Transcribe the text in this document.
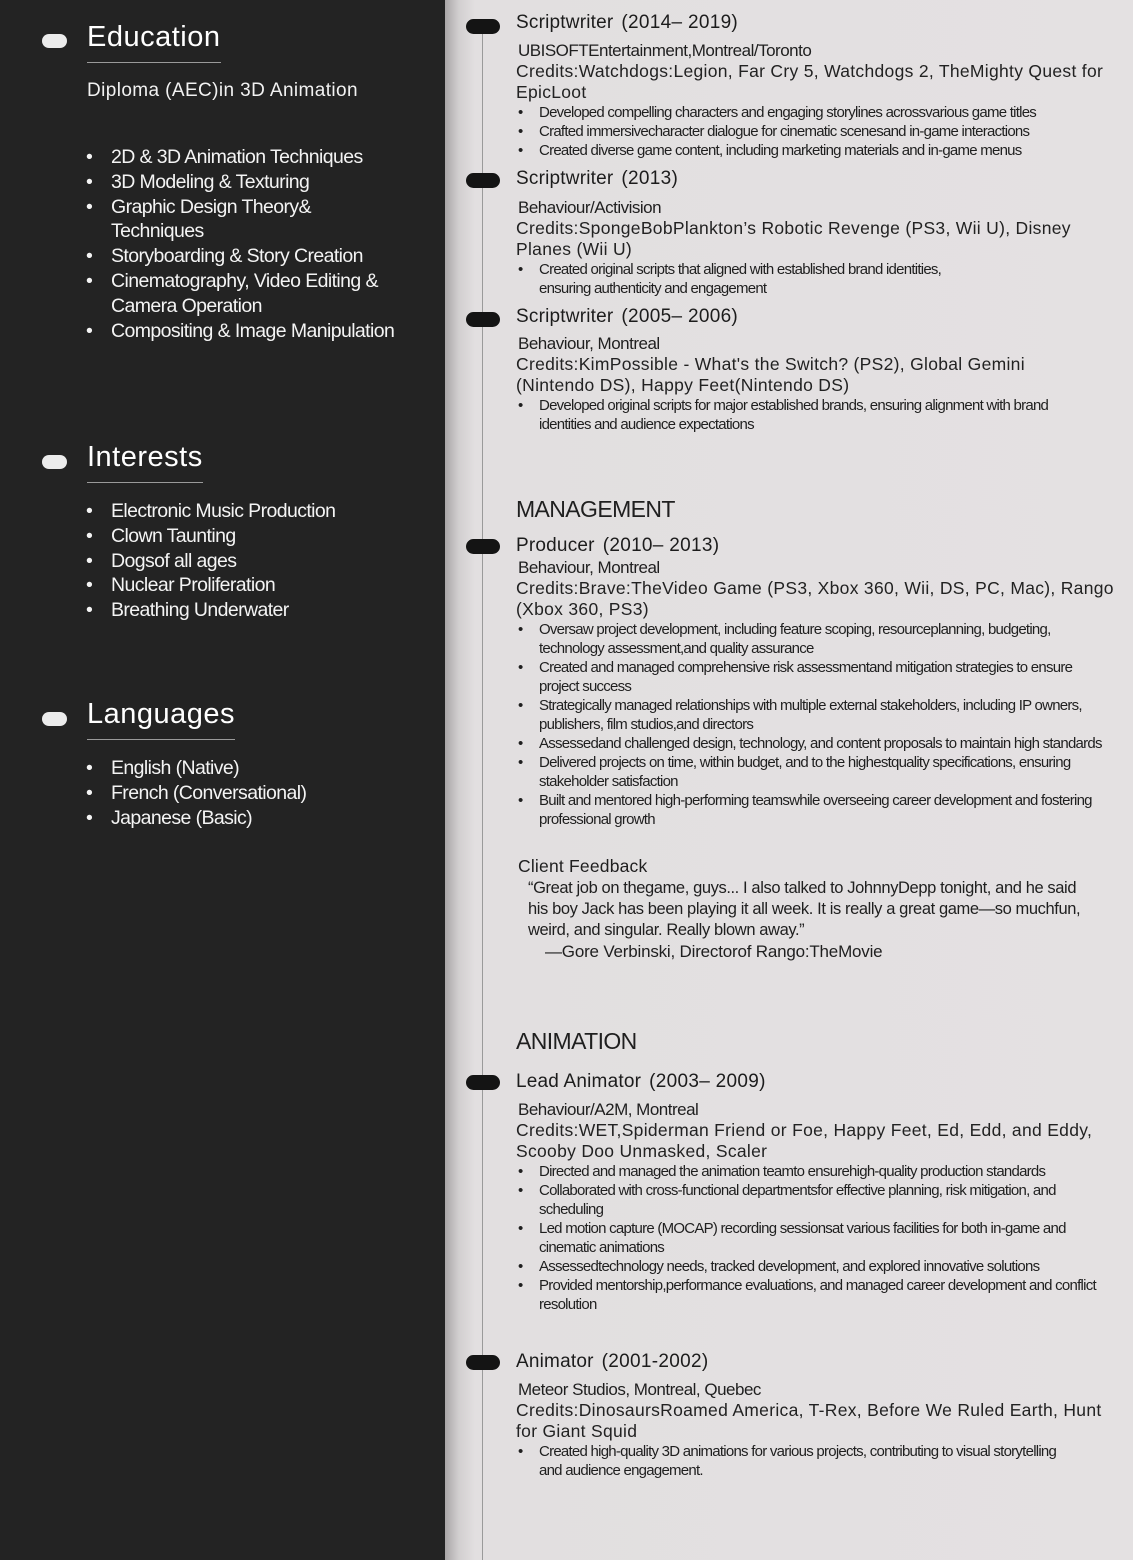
Education
Diploma (AEC)in 3D Animation
• 2D & 3D Animation Techniques
• 3D Modeling & Texturing
• Graphic Design Theory& Techniques
• Storyboarding & Story Creation
• Cinematography, Video Editing & Camera Operation
• Compositing & Image Manipulation
Interests
• Electronic Music Production
• Clown Taunting
• Dogsof all ages
• Nuclear Proliferation
• Breathing Underwater
Languages
• English (Native)
• French (Conversational)
• Japanese (Basic)
Scriptwriter (2014– 2019)
UBISOFTEntertainment,Montreal/Toronto
Credits:Watchdogs:Legion, Far Cry 5, Watchdogs 2, TheMighty Quest for EpicLoot
• Developed compelling characters and engaging storylines acrossvarious game titles
• Crafted immersivecharacter dialogue for cinematic scenesand in-game interactions
• Created diverse game content, including marketing materials and in-game menus
Scriptwriter (2013)
Behaviour/Activision
Credits:SpongeBobPlankton’s Robotic Revenge (PS3, Wii U), Disney Planes (Wii U)
• Created original scripts that aligned with established brand identities, ensuring authenticity and engagement
Scriptwriter (2005– 2006)
Behaviour, Montreal
Credits:KimPossible - What's the Switch? (PS2), Global Gemini (Nintendo DS), Happy Feet(Nintendo DS)
• Developed original scripts for major established brands, ensuring alignment with brand identities and audience expectations
MANAGEMENT
Producer (2010– 2013)
Behaviour, Montreal
Credits:Brave:TheVideo Game (PS3, Xbox 360, Wii, DS, PC, Mac), Rango (Xbox 360, PS3)
• Oversaw project development, including feature scoping, resourceplanning, budgeting, technology assessment,and quality assurance
• Created and managed comprehensive risk assessmentand mitigation strategies to ensure project success
• Strategically managed relationships with multiple external stakeholders, including IP owners, publishers, film studios,and directors
• Assessedand challenged design, technology, and content proposals to maintain high standards
• Delivered projects on time, within budget, and to the highestquality specifications, ensuring stakeholder satisfaction
• Built and mentored high-performing teamswhile overseeing career development and fostering professional growth
Client Feedback
“Great job on thegame, guys... I also talked to JohnnyDepp tonight, and he said his boy Jack has been playing it all week. It is really a great game—so muchfun, weird, and singular. Really blown away.”
—Gore Verbinski, Directorof Rango:TheMovie
ANIMATION
Lead Animator (2003– 2009)
Behaviour/A2M, Montreal
Credits:WET,Spiderman Friend or Foe, Happy Feet, Ed, Edd, and Eddy, Scooby Doo Unmasked, Scaler
• Directed and managed the animation teamto ensurehigh-quality production standards
• Collaborated with cross-functional departmentsfor effective planning, risk mitigation, and scheduling
• Led motion capture (MOCAP) recording sessionsat various facilities for both in-game and cinematic animations
• Assessedtechnology needs, tracked development, and explored innovative solutions
• Provided mentorship,performance evaluations, and managed career development and conflict resolution
Animator (2001-2002)
Meteor Studios, Montreal, Quebec
Credits:DinosaursRoamed America, T-Rex, Before We Ruled Earth, Hunt for Giant Squid
• Created high-quality 3D animations for various projects, contributing to visual storytelling and audience engagement.
